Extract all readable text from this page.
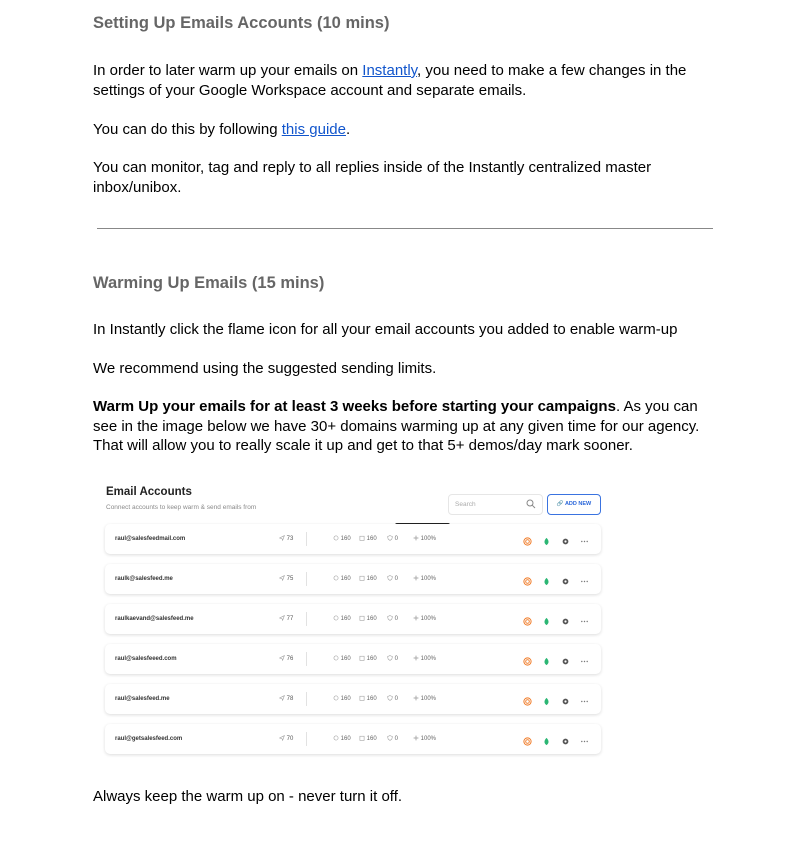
Setting Up Emails Accounts (10 mins)
In order to later warm up your emails on Instantly, you need to make a few changes in the settings of your Google Workspace account and separate emails.
You can do this by following this guide.
You can monitor, tag and reply to all replies inside of the Instantly centralized master inbox/unibox.
Warming Up Emails (15 mins)
In Instantly click the flame icon for all your email accounts you added to enable warm-up
We recommend using the suggested sending limits.
Warm Up your emails for at least 3 weeks before starting your campaigns. As you can see in the image below we have 30+ domains warming up at any given time for our agency. That will allow you to really scale it up and get to that 5+ demos/day mark sooner.
Always keep the warm up on - never turn it off.
Email Accounts
Connect accounts to keep warm & send emails from	Search	🔗 ADD NEW
raul@salesfeedmail.com	73	160	160	0	100%
raulk@salesfeed.me	75	160	160	0	100%
raulkaevand@salesfeed.me	77	160	160	0	100%
raul@salesfeeed.com	76	160	160	0	100%
raul@salesfeed.me	78	160	160	0	100%
raul@getsalesfeed.com	70	160	160	0	100%
